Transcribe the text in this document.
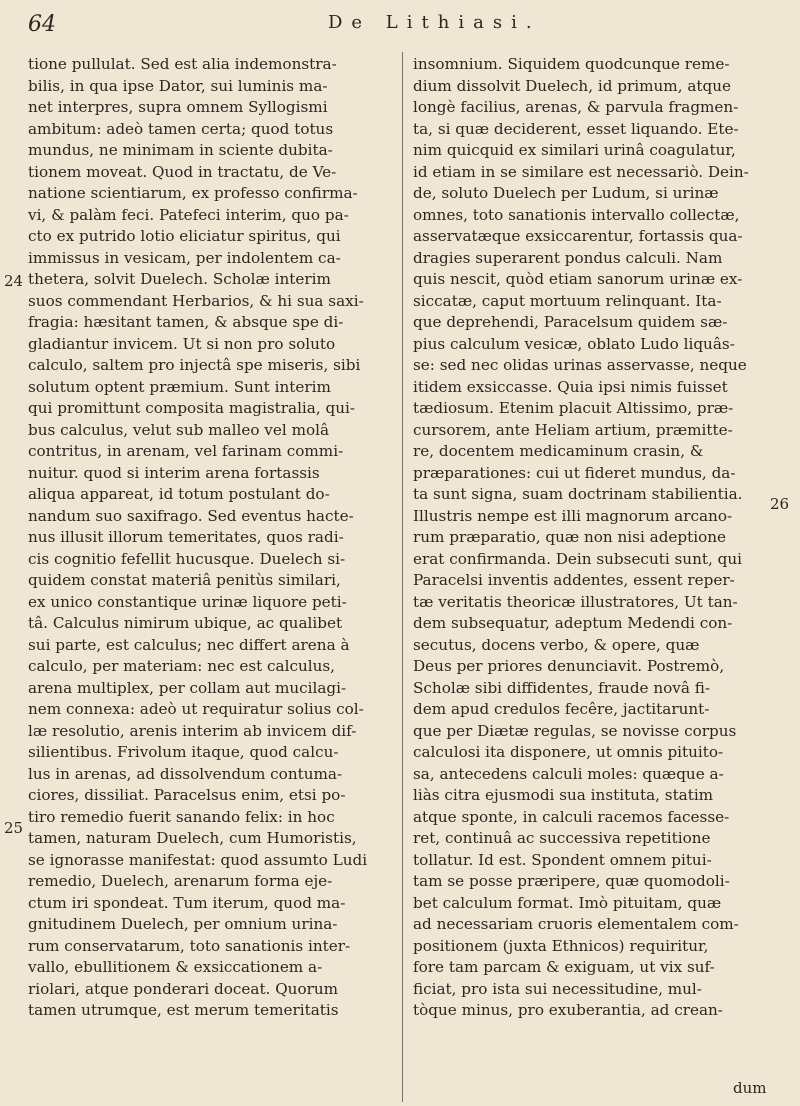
64	De Lithiasi.
tione pullulat. Sed est alia indemonstra-
bilis, in qua ipse Dator, sui luminis ma-
net interpres, supra omnem Syllogismi
ambitum: adeò tamen certa; quod totus
mundus, ne minimam in sciente dubita-
tionem moveat. Quod in tractatu, de Ve-
natione scientiarum, ex professo confirma-
vi, & palàm feci. Patefeci interim, quo pa-
cto ex putrido lotio eliciatur spiritus, qui
immissus in vesicam, per indolentem ca-
thetera, solvit Duelech. Scholæ interim
suos commendant Herbarios, & hi sua saxi-
fragia: hæsitant tamen, & absque spe di-
gladiantur invicem. Ut si non pro soluto
calculo, saltem pro injectâ spe miseris, sibi
solutum optent præmium. Sunt interim
qui promittunt composita magistralia, qui-
bus calculus, velut sub malleo vel molâ
contritus, in arenam, vel farinam commi-
nuitur. quod si interim arena fortassis
aliqua appareat, id totum postulant do-
nandum suo saxifrago. Sed eventus hacte-
nus illusit illorum temeritates, quos radi-
cis cognitio fefellit hucusque. Duelech si-
quidem constat materiâ penitùs similari,
ex unico constantique urinæ liquore peti-
tâ. Calculus nimirum ubique, ac qualibet
sui parte, est calculus; nec differt arena à
calculo, per materiam: nec est calculus,
arena multiplex, per collam aut mucilagi-
nem connexa: adeò ut requiratur solius col-
læ resolutio, arenis interim ab invicem dif-
silientibus. Frivolum itaque, quod calcu-
lus in arenas, ad dissolvendum contuma-
ciores, dissiliat. Paracelsus enim, etsi po-
tiro remedio fuerit sanando felix: in hoc
tamen, naturam Duelech, cum Humoristis,
se ignorasse manifestat: quod assumto Ludi
remedio, Duelech, arenarum forma eje-
ctum iri spondeat. Tum iterum, quod ma-
gnitudinem Duelech, per omnium urina-
rum conservatarum, toto sanationis inter-
vallo, ebullitionem & exsiccationem a-
riolari, atque ponderari doceat. Quorum
tamen utrumque, est merum temeritatis
insomnium. Siquidem quodcunque reme-
dium dissolvit Duelech, id primum, atque
longè facilius, arenas, & parvula fragmen-
ta, si quæ deciderent, esset liquando. Ete-
nim quicquid ex similari urinâ coagulatur,
id etiam in se similare est necessariò. Dein-
de, soluto Duelech per Ludum, si urinæ
omnes, toto sanationis intervallo collectæ,
asservatæque exsiccarentur, fortassis qua-
dragies superarent pondus calculi. Nam
quis nescit, quòd etiam sanorum urinæ ex-
siccatæ, caput mortuum relinquant. Ita-
que deprehendi, Paracelsum quidem sæ-
pius calculum vesicæ, oblato Ludo liquâs-
se: sed nec olidas urinas asservasse, neque
itidem exsiccasse. Quia ipsi nimis fuisset
tædiosum. Etenim placuit Altissimo, præ-
cursorem, ante Heliam artium, præmitte-
re, docentem medicaminum crasin, &
præparationes: cui ut fideret mundus, da-
ta sunt signa, suam doctrinam stabilientia.
Illustris nempe est illi magnorum arcano-
rum præparatio, quæ non nisi adeptione
erat confirmanda. Dein subsecuti sunt, qui
Paracelsi inventis addentes, essent reper-
tæ veritatis theoricæ illustratores, Ut tan-
dem subsequatur, adeptum Medendi con-
secutus, docens verbo, & opere, quæ
Deus per priores denunciavit. Postremò,
Scholæ sibi diffidentes, fraude novâ fi-
dem apud credulos fecêre, jactitarunt-
que per Diætæ regulas, se novisse corpus
calculosi ita disponere, ut omnis pituito-
sa, antecedens calculi moles: quæque a-
liàs citra ejusmodi sua instituta, statim
atque sponte, in calculi racemos facesse-
ret, continuâ ac successiva repetitione
tollatur. Id est. Spondent omnem pitui-
tam se posse præripere, quæ quomodoli-
bet calculum format. Imò pituitam, quæ
ad necessariam cruoris elementalem com-
positionem (juxta Ethnicos) requiritur,
fore tam parcam & exiguam, ut vix suf-
ficiat, pro ista sui necessitudine, mul-
tòque minus, pro exuberantia, ad crean-
24
25
26
dum
